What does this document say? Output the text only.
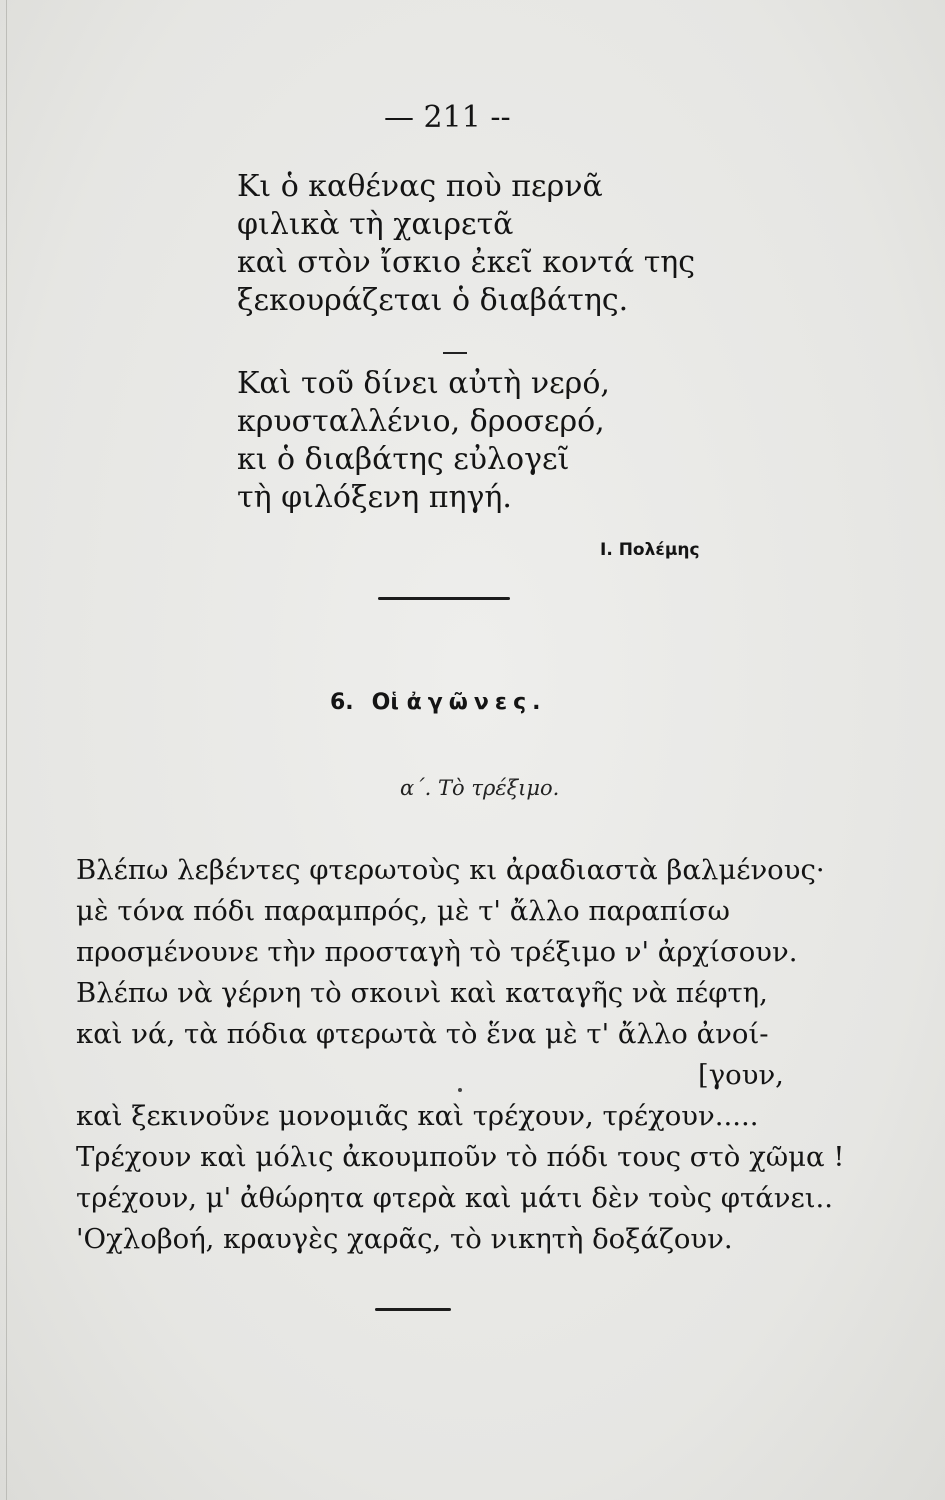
— 211 --
Κι ὁ καθένας ποὺ περνᾶ
φιλικὰ τὴ χαιρετᾶ
καὶ στὸν ἴσκιο ἐκεῖ κοντά της
ξεκουράζεται ὁ διαβάτης.
Καὶ τοῦ δίνει αὐτὴ νερό,
κρυσταλλένιο, δροσερό,
κι ὁ διαβάτης εὐλογεῖ
τὴ φιλόξενη πηγή.
Ι. Πολέμης
6. Οἱ ἀγῶνες.
α΄. Τὸ τρέξιμο.
Βλέπω λεβέντες φτερωτοὺς κι ἀραδιαστὰ βαλμένους·
μὲ τόνα πόδι παραμπρός, μὲ τ' ἄλλο παραπίσω
προσμένουνε τὴν προσταγὴ τὸ τρέξιμο ν' ἀρχίσουν.
Βλέπω νὰ γέρνη τὸ σκοινὶ καὶ καταγῆς νὰ πέφτη,
καὶ νά, τὰ πόδια φτερωτὰ τὸ ἕνα μὲ τ' ἄλλο ἀνοί-
[γουν,
καὶ ξεκινοῦνε μονομιᾶς καὶ τρέχουν, τρέχουν.....
Τρέχουν καὶ μόλις ἀκουμποῦν τὸ πόδι τους στὸ χῶμα !
τρέχουν, μ' ἀθώρητα φτερὰ καὶ μάτι δὲν τοὺς φτάνει..
'Οχλοβοή, κραυγὲς χαρᾶς, τὸ νικητὴ δοξάζουν.
